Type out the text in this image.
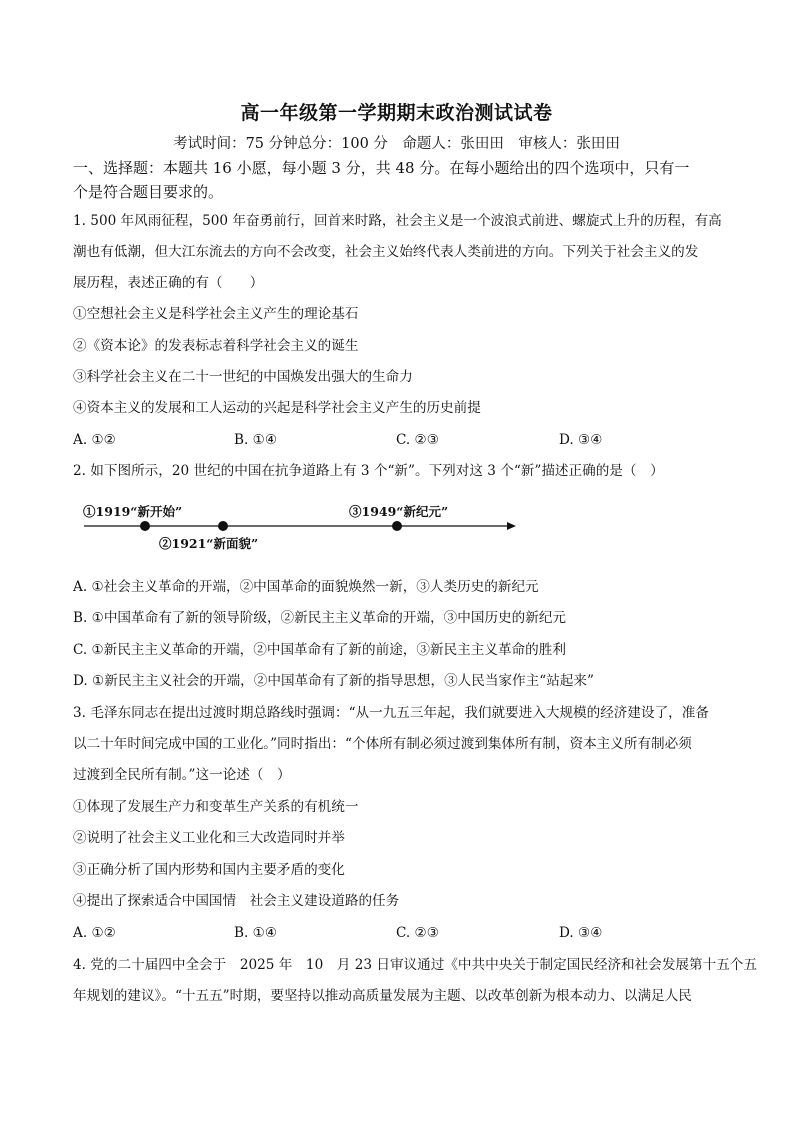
高一年级第一学期期末政治测试试卷
考试时间：75 分钟总分：100 分　命题人：张田田　审核人：张田田
一、选择题：本题共 16 小愿，每小题 3 分，共 48 分。在每小题给出的四个选项中，只有一
个是符合题目要求的。
1. 500 年风雨征程，500 年奋勇前行，回首来时路，社会主义是一个波浪式前进、螺旋式上升的历程，有高
潮也有低潮，但大江东流去的方向不会改变，社会主义始终代表人类前进的方向。下列关于社会主义的发
展历程，表述正确的有（　　）
①空想社会主义是科学社会主义产生的理论基石
②《资本论》的发表标志着科学社会主义的诞生
③科学社会主义在二十一世纪的中国焕发出强大的生命力
④资本主义的发展和工人运动的兴起是科学社会主义产生的历史前提
A. ①②	B. ①④	C. ②③	D. ③④
2. 如下图所示，20 世纪的中国在抗争道路上有 3 个“新”。下列对这 3 个“新”描述正确的是（　）
①1919“新开始”
②1921“新面貌”
③1949“新纪元”
A. ①社会主义革命的开端，②中国革命的面貌焕然一新，③人类历史的新纪元
B. ①中国革命有了新的领导阶级，②新民主主义革命的开端，③中国历史的新纪元
C. ①新民主主义革命的开端，②中国革命有了新的前途，③新民主主义革命的胜利
D. ①新民主主义社会的开端，②中国革命有了新的指导思想，③人民当家作主“站起来”
3. 毛泽东同志在提出过渡时期总路线时强调：“从一九五三年起，我们就要进入大规模的经济建设了，准备
以二十年时间完成中国的工业化。”同时指出：“个体所有制必须过渡到集体所有制，资本主义所有制必须
过渡到全民所有制。”这一论述（　）
①体现了发展生产力和变革生产关系的有机统一
②说明了社会主义工业化和三大改造同时并举
③正确分析了国内形势和国内主要矛盾的变化
④提出了探索适合中国国情　社会主义建设道路的任务
A. ①②	B. ①④	C. ②③	D. ③④
4. 党的二十届四中全会于　2025 年　10　月 23 日审议通过《中共中央关于制定国民经济和社会发展第十五个五
年规划的建议》。“十五五”时期，要坚持以推动高质量发展为主题、以改革创新为根本动力、以满足人民
